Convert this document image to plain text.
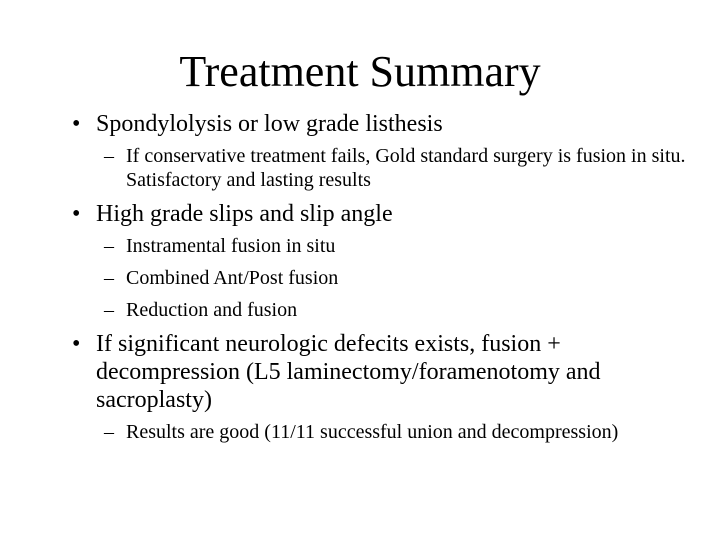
Treatment Summary
• Spondylolysis or low grade listhesis
– If conservative treatment fails, Gold standard surgery is fusion in situ. Satisfactory and lasting results
• High grade slips and slip angle
– Instramental fusion in situ
– Combined Ant/Post fusion
– Reduction and fusion
• If significant neurologic defecits exists, fusion + decompression (L5 laminectomy/foramenotomy and sacroplasty)
– Results are good (11/11 successful union and decompression)
